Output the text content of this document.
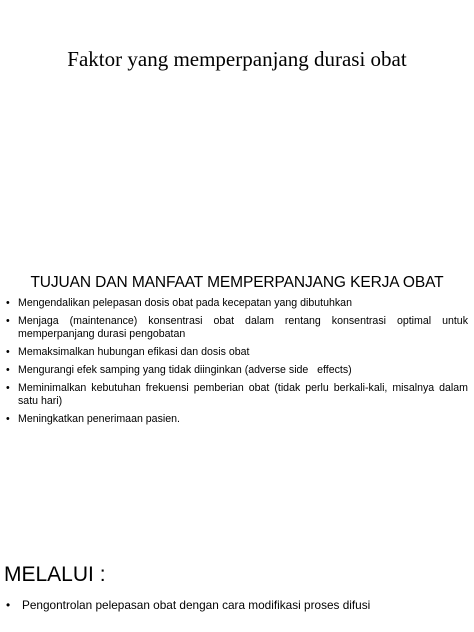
Faktor yang memperpanjang durasi obat
TUJUAN DAN MANFAAT MEMPERPANJANG KERJA OBAT
• Mengendalikan pelepasan dosis obat pada kecepatan yang dibutuhkan
• Menjaga (maintenance) konsentrasi obat dalam rentang konsentrasi optimal untuk memperpanjang durasi pengobatan
• Memaksimalkan hubungan efikasi dan dosis obat
• Mengurangi efek samping yang tidak diinginkan (adverse side   effects)
• Meminimalkan kebutuhan frekuensi pemberian obat (tidak perlu berkali-kali, misalnya dalam satu hari)
• Meningkatkan penerimaan pasien.
MELALUI :
• Pengontrolan pelepasan obat dengan cara modifikasi proses difusi
